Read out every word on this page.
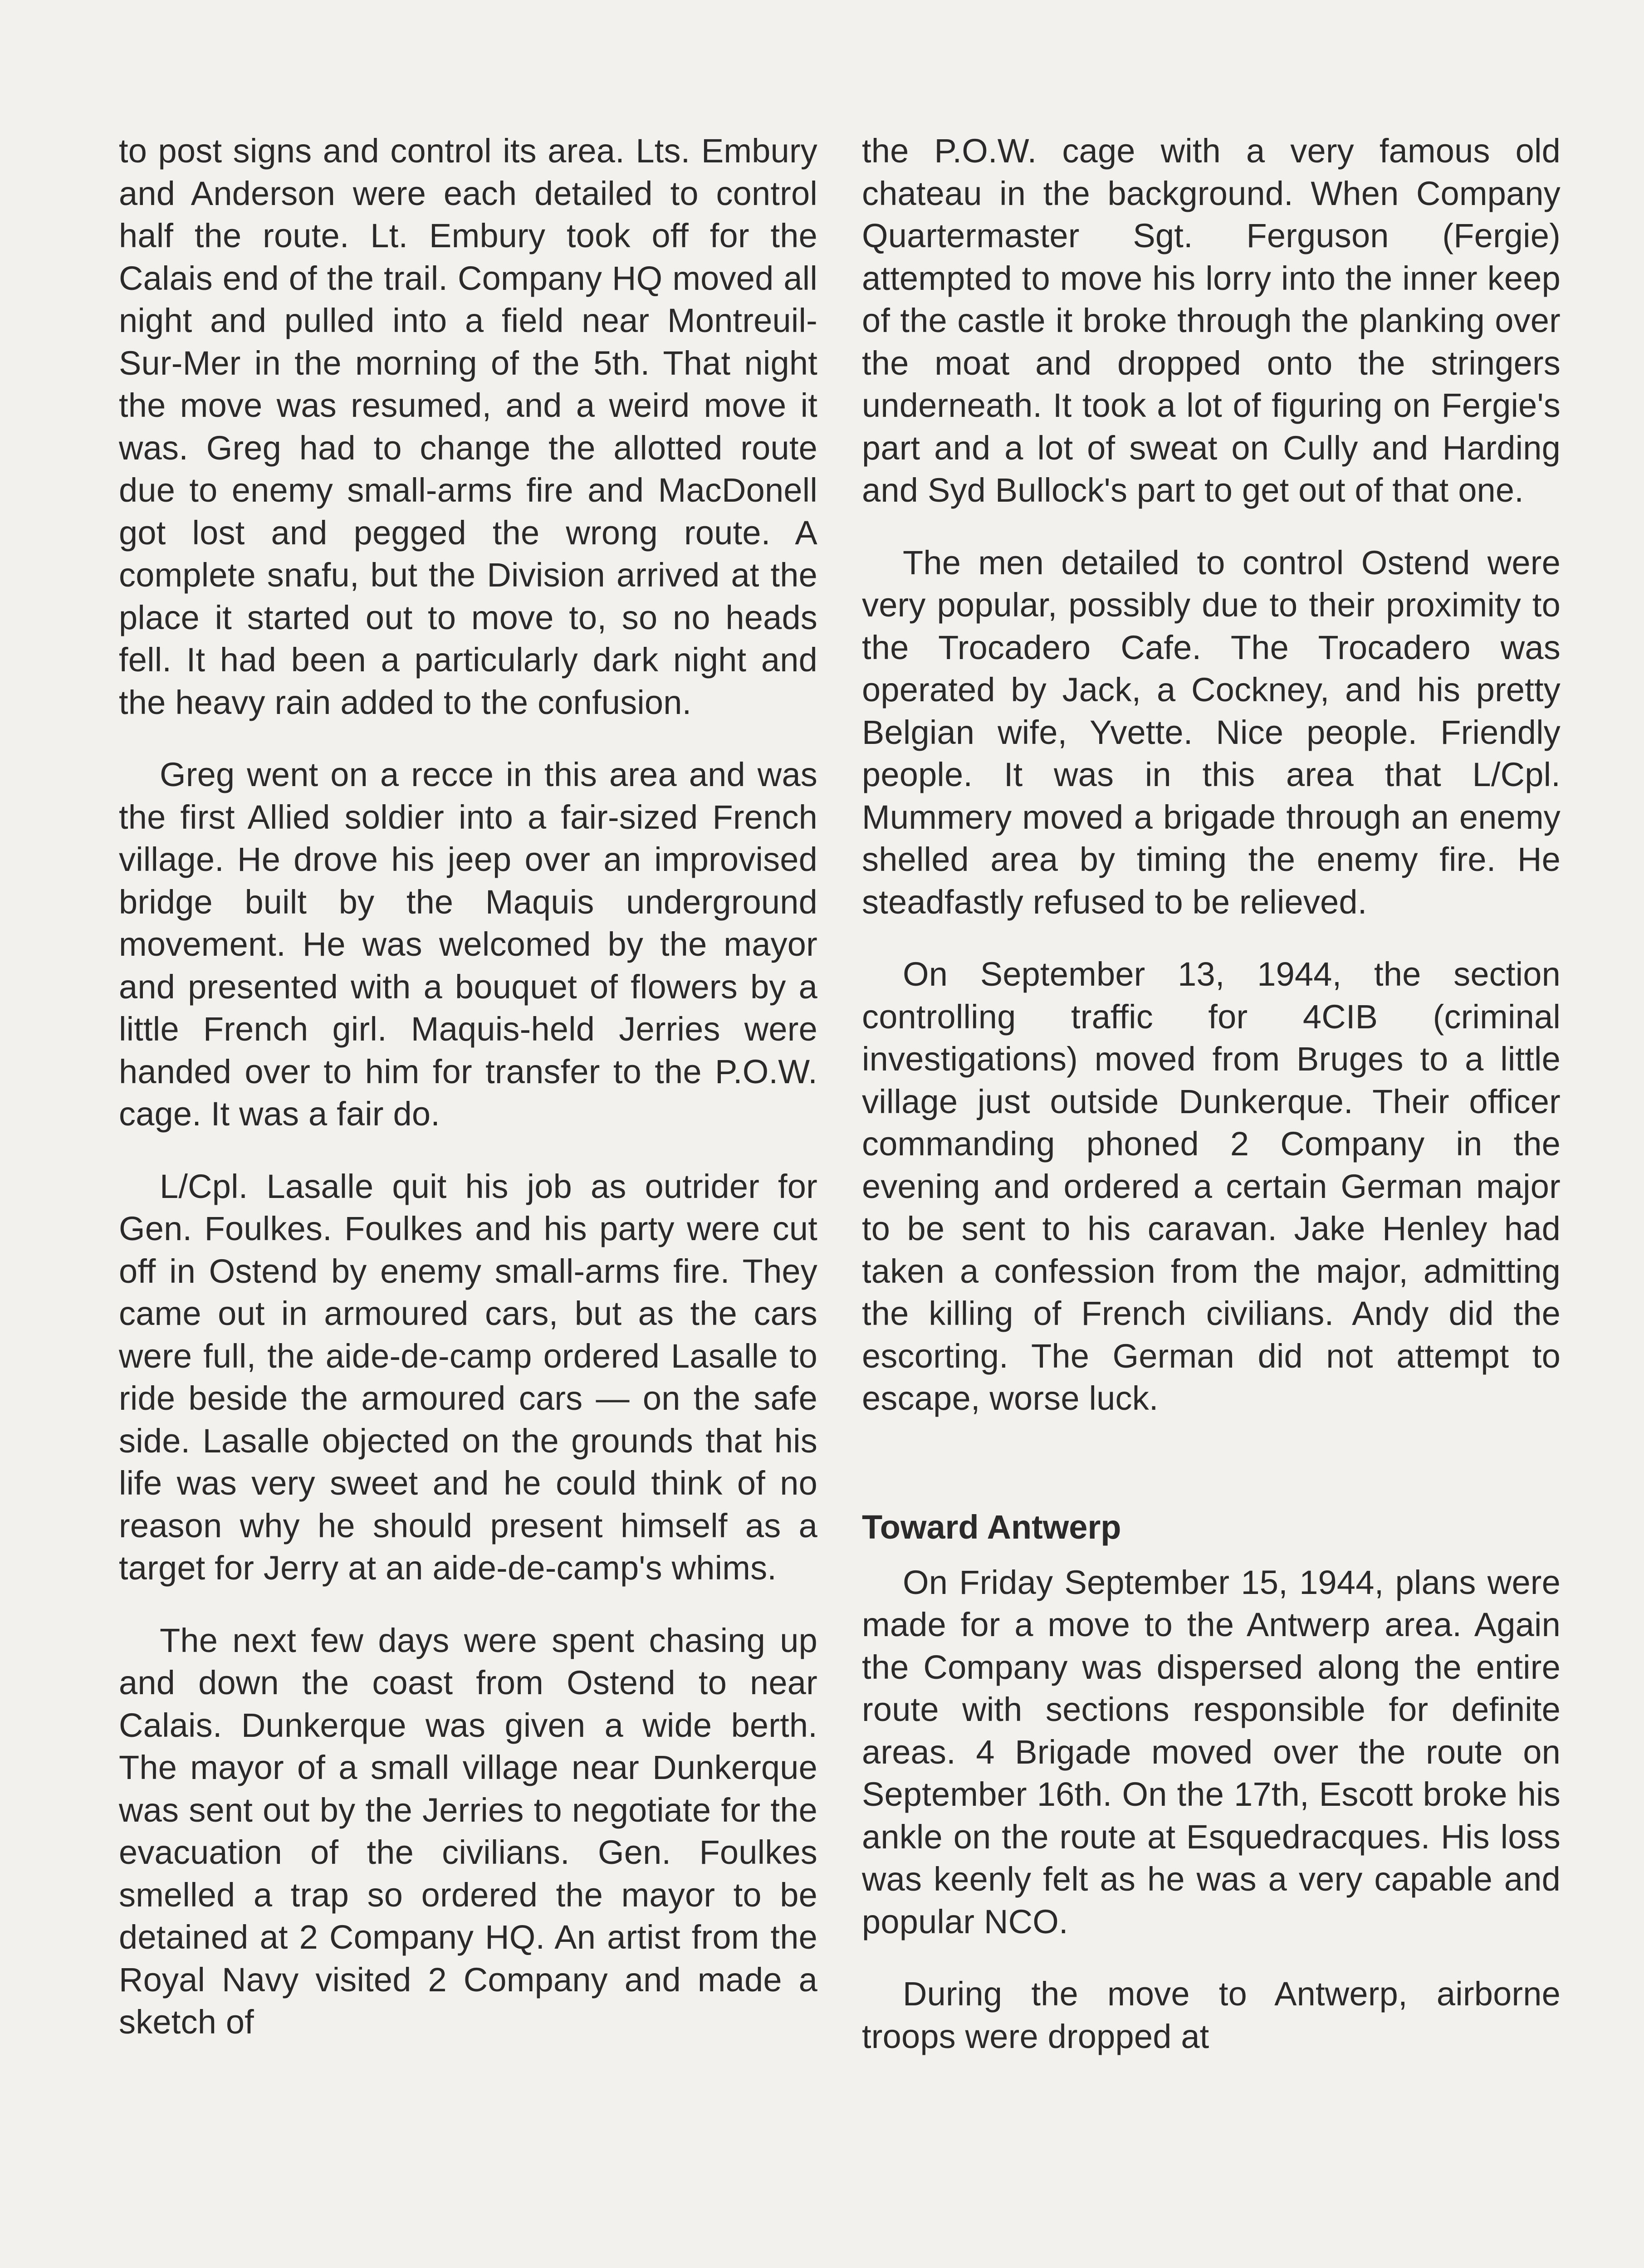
to post signs and control its area. Lts. Embury and Anderson were each detailed to control half the route. Lt. Embury took off for the Calais end of the trail. Company HQ moved all night and pulled into a field near Montreuil-Sur-Mer in the morning of the 5th. That night the move was resumed, and a weird move it was. Greg had to change the allotted route due to enemy small-arms fire and MacDonell got lost and pegged the wrong route. A complete snafu, but the Division arrived at the place it started out to move to, so no heads fell. It had been a particularly dark night and the heavy rain added to the confusion.

Greg went on a recce in this area and was the first Allied soldier into a fair-sized French village. He drove his jeep over an improvised bridge built by the Maquis underground movement. He was welcomed by the mayor and presented with a bouquet of flowers by a little French girl. Maquis-held Jerries were handed over to him for transfer to the P.O.W. cage. It was a fair do.

L/Cpl. Lasalle quit his job as outrider for Gen. Foulkes. Foulkes and his party were cut off in Ostend by enemy small-arms fire. They came out in armoured cars, but as the cars were full, the aide-de-camp ordered Lasalle to ride beside the armoured cars — on the safe side. Lasalle objected on the grounds that his life was very sweet and he could think of no reason why he should present himself as a target for Jerry at an aide-de-camp's whims.

The next few days were spent chasing up and down the coast from Ostend to near Calais. Dunkerque was given a wide berth. The mayor of a small village near Dunkerque was sent out by the Jerries to negotiate for the evacuation of the civilians. Gen. Foulkes smelled a trap so ordered the mayor to be detained at 2 Company HQ. An artist from the Royal Navy visited 2 Company and made a sketch of

the P.O.W. cage with a very famous old chateau in the background. When Company Quartermaster Sgt. Ferguson (Fergie) attempted to move his lorry into the inner keep of the castle it broke through the planking over the moat and dropped onto the stringers underneath. It took a lot of figuring on Fergie's part and a lot of sweat on Cully and Harding and Syd Bullock's part to get out of that one.

The men detailed to control Ostend were very popular, possibly due to their proximity to the Trocadero Cafe. The Trocadero was operated by Jack, a Cockney, and his pretty Belgian wife, Yvette. Nice people. Friendly people. It was in this area that L/Cpl. Mummery moved a brigade through an enemy shelled area by timing the enemy fire. He steadfastly refused to be relieved.

On September 13, 1944, the section controlling traffic for 4CIB (criminal investigations) moved from Bruges to a little village just outside Dunkerque. Their officer commanding phoned 2 Company in the evening and ordered a certain German major to be sent to his caravan. Jake Henley had taken a confession from the major, admitting the killing of French civilians. Andy did the escorting. The German did not attempt to escape, worse luck.

Toward Antwerp

On Friday September 15, 1944, plans were made for a move to the Antwerp area. Again the Company was dispersed along the entire route with sections responsible for definite areas. 4 Brigade moved over the route on September 16th. On the 17th, Escott broke his ankle on the route at Esquedracques. His loss was keenly felt as he was a very capable and popular NCO.

During the move to Antwerp, airborne troops were dropped at
